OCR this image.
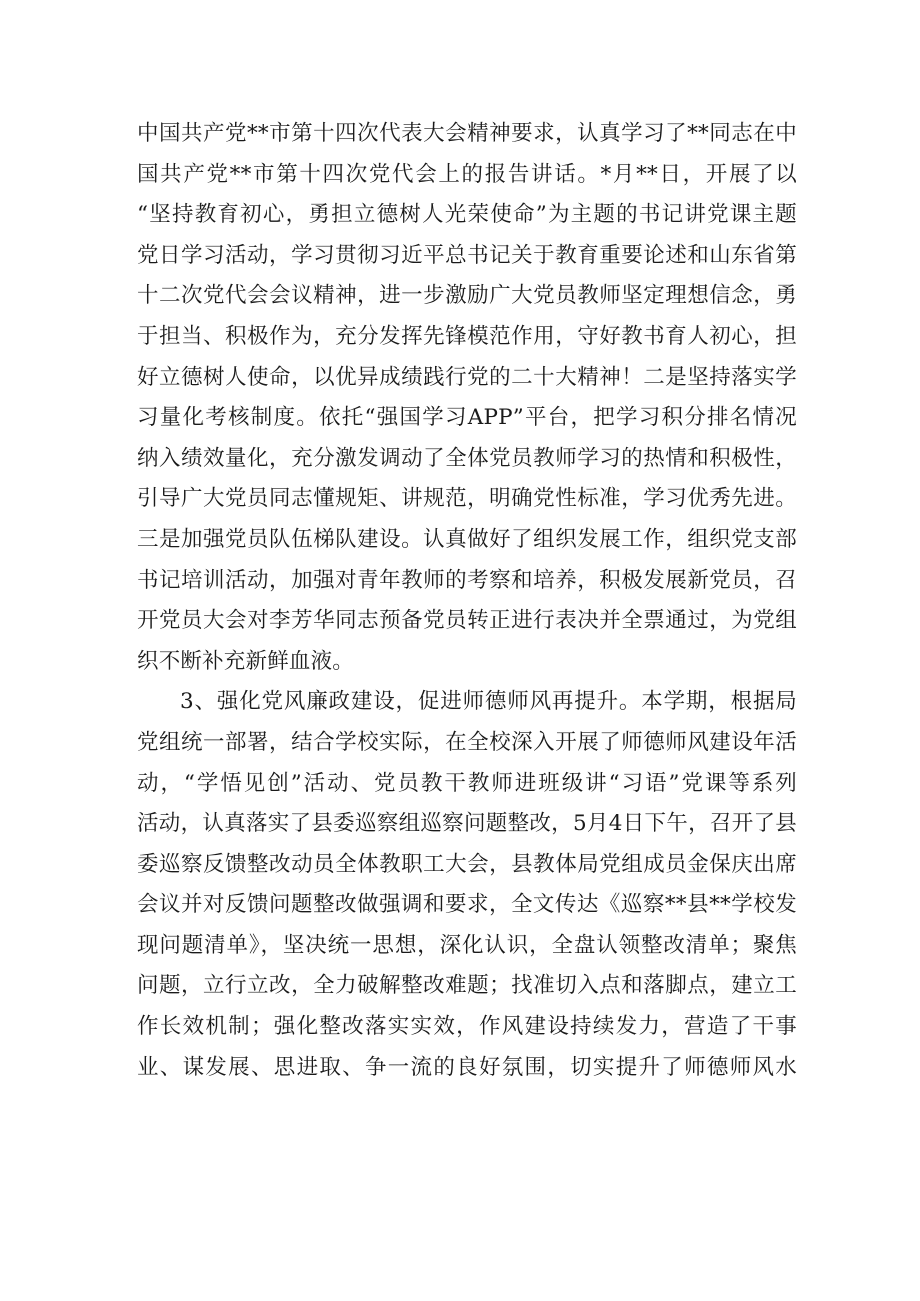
中国共产党**市第十四次代表大会精神要求，认真学习了**同志在中
国共产党**市第十四次党代会上的报告讲话。*月**日，开展了以
“坚持教育初心，勇担立德树人光荣使命”为主题的书记讲党课主题
党日学习活动，学习贯彻习近平总书记关于教育重要论述和山东省第
十二次党代会会议精神，进一步激励广大党员教师坚定理想信念，勇
于担当、积极作为，充分发挥先锋模范作用，守好教书育人初心，担
好立德树人使命，以优异成绩践行党的二十大精神！二是坚持落实学
习量化考核制度。依托“强国学习APP”平台，把学习积分排名情况
纳入绩效量化，充分激发调动了全体党员教师学习的热情和积极性，
引导广大党员同志懂规矩、讲规范，明确党性标准，学习优秀先进。
三是加强党员队伍梯队建设。认真做好了组织发展工作，组织党支部
书记培训活动，加强对青年教师的考察和培养，积极发展新党员，召
开党员大会对李芳华同志预备党员转正进行表决并全票通过，为党组
织不断补充新鲜血液。
3、强化党风廉政建设，促进师德师风再提升。本学期，根据局
党组统一部署，结合学校实际，在全校深入开展了师德师风建设年活
动，“学悟见创”活动、党员教干教师进班级讲“习语”党课等系列
活动，认真落实了县委巡察组巡察问题整改，5月4日下午，召开了县
委巡察反馈整改动员全体教职工大会，县教体局党组成员金保庆出席
会议并对反馈问题整改做强调和要求，全文传达《巡察**县**学校发
现问题清单》，坚决统一思想，深化认识，全盘认领整改清单；聚焦
问题，立行立改，全力破解整改难题；找准切入点和落脚点，建立工
作长效机制；强化整改落实实效，作风建设持续发力，营造了干事
业、谋发展、思进取、争一流的良好氛围，切实提升了师德师风水
